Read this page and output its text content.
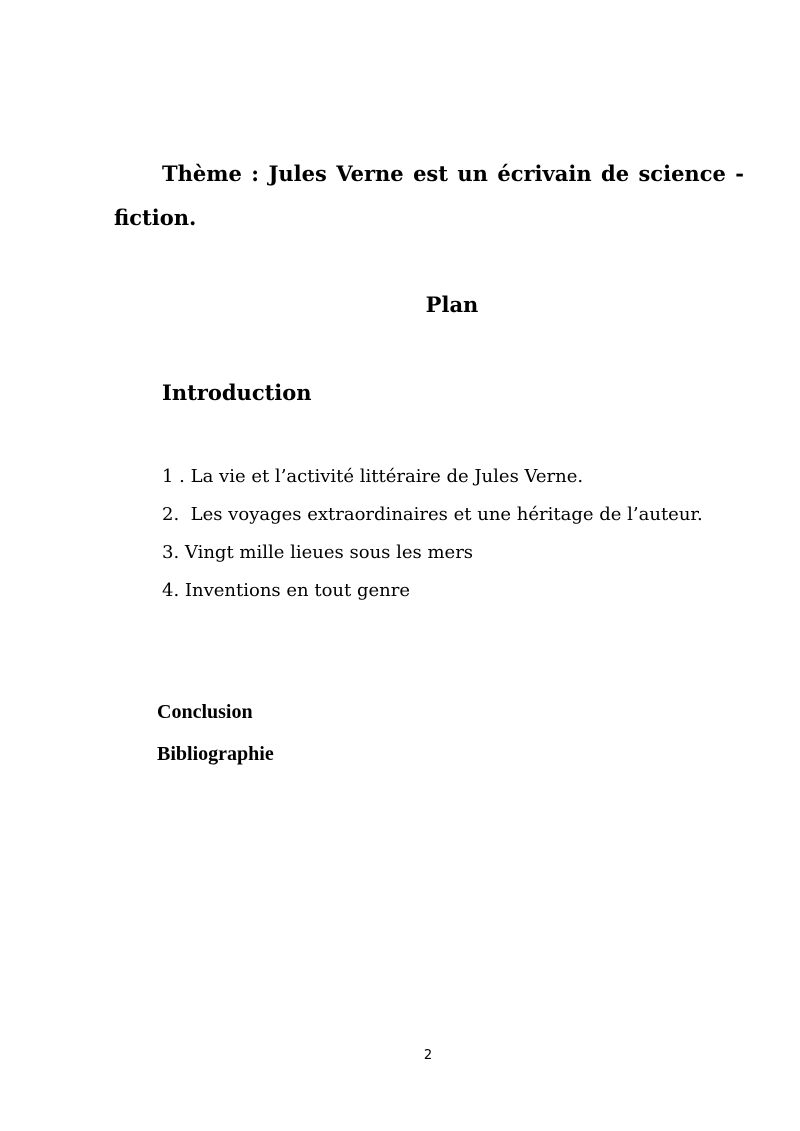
Thème : Jules Verne est un écrivain de science - fiction.
Plan
Introduction
1 . La vie et l’activité littéraire de Jules Verne.
2.  Les voyages extraordinaires et une héritage de l’auteur.
3. Vingt mille lieues sous les mers
4. Inventions en tout genre
Conclusion
Bibliographie
2
